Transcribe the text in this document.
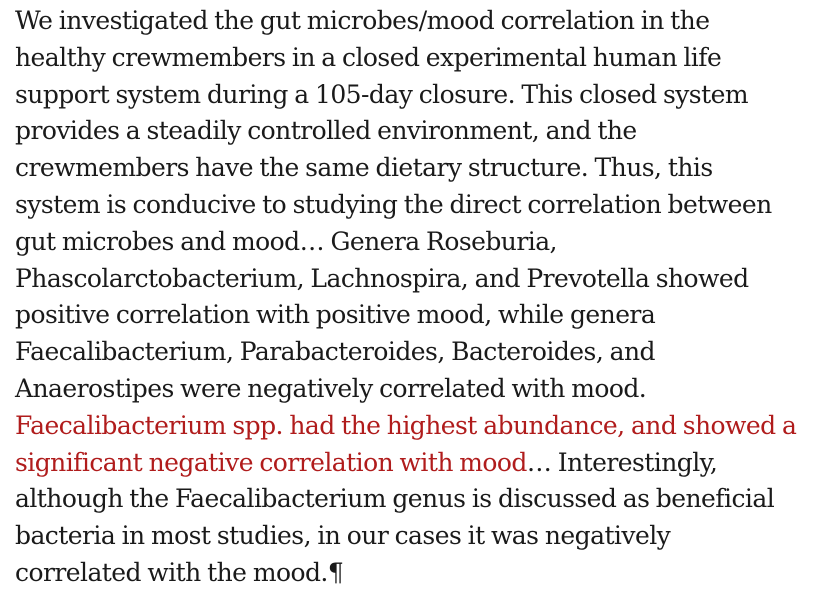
We investigated the gut microbes/mood correlation in the
healthy crewmembers in a closed experimental human life
support system during a 105-day closure. This closed system
provides a steadily controlled environment, and the
crewmembers have the same dietary structure. Thus, this
system is conducive to studying the direct correlation between
gut microbes and mood… Genera Roseburia,
Phascolarctobacterium, Lachnospira, and Prevotella showed
positive correlation with positive mood, while genera
Faecalibacterium, Parabacteroides, Bacteroides, and
Anaerostipes were negatively correlated with mood.
Faecalibacterium spp. had the highest abundance, and showed a
significant negative correlation with mood… Interestingly,
although the Faecalibacterium genus is discussed as beneficial
bacteria in most studies, in our cases it was negatively
correlated with the mood.¶
